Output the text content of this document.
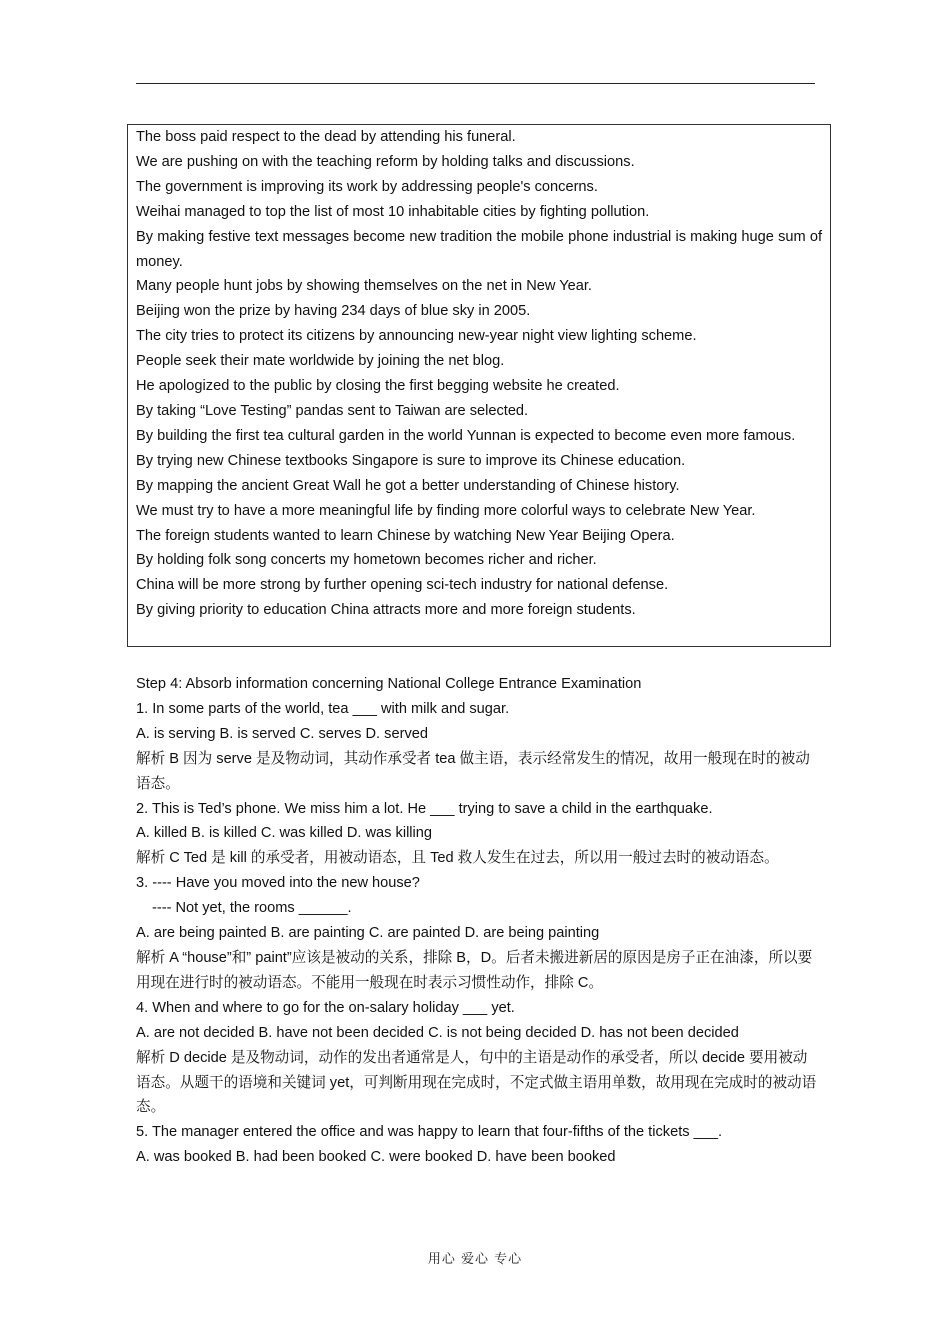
The boss paid respect to the dead by attending his funeral.
We are pushing on with the teaching reform by holding talks and discussions.
The government is improving its work by addressing people's concerns.
Weihai managed to top the list of most 10 inhabitable cities by fighting pollution.
By making festive text messages become new tradition the mobile phone industrial is making huge sum of money.
Many people hunt jobs by showing themselves on the net in New Year.
Beijing won the prize by having 234 days of blue sky in 2005.
The city tries to protect its citizens by announcing new-year night view lighting scheme.
People seek their mate worldwide by joining the net blog.
He apologized to the public by closing the first begging website he created.
By taking “Love Testing” pandas sent to Taiwan are selected.
By building the first tea cultural garden in the world Yunnan is expected to become even more famous.
By trying new Chinese textbooks Singapore is sure to improve its Chinese education.
By mapping the ancient Great Wall he got a better understanding of Chinese history.
We must try to have a more meaningful life by finding more colorful ways to celebrate New Year.
The foreign students wanted to learn Chinese by watching New Year Beijing Opera.
By holding folk song concerts my hometown becomes richer and richer.
China will be more strong by further opening sci-tech industry for national defense.
By giving priority to education China attracts more and more foreign students.
Step 4: Absorb information concerning National College Entrance Examination
1. In some parts of the world, tea ___ with milk and sugar.
A. is serving B. is served C. serves D. served
解析 B 因为 serve 是及物动词，其动作承受者 tea 做主语，表示经常发生的情况，故用一般现在时的被动语态。
2. This is Ted’s phone. We miss him a lot. He ___ trying to save a child in the earthquake.
A. killed B. is killed C. was killed D. was killing
解析 C Ted 是 kill 的承受者，用被动语态，且 Ted 救人发生在过去，所以用一般过去时的被动语态。
3. ---- Have you moved into the new house?
---- Not yet, the rooms ______.
A. are being painted B. are painting C. are painted D. are being painting
解析 A “house”和” paint”应该是被动的关系，排除 B，D。后者未搬进新居的原因是房子正在油漆，所以要用现在进行时的被动语态。不能用一般现在时表示习惯性动作，排除 C。
4. When and where to go for the on-salary holiday ___ yet.
A. are not decided B. have not been decided C. is not being decided D. has not been decided
解析 D decide 是及物动词，动作的发出者通常是人，句中的主语是动作的承受者，所以 decide 要用被动语态。从题干的语境和关键词 yet，可判断用现在完成时，不定式做主语用单数，故用现在完成时的被动语态。
5. The manager entered the office and was happy to learn that four-fifths of the tickets ___.
A. was booked B. had been booked C. were booked D. have been booked
用心 爱心 专心
